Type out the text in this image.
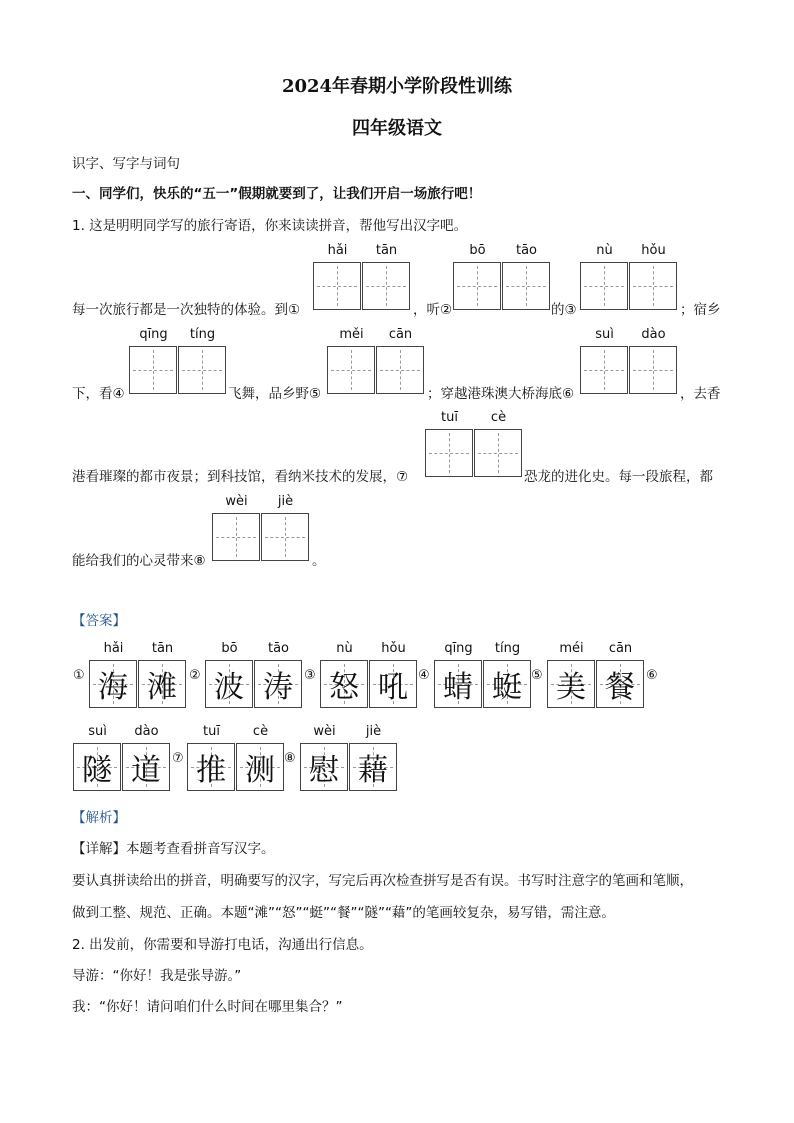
2024年春期小学阶段性训练
四年级语文
识字、写字与词句
一、同学们，快乐的“五一”假期就要到了，让我们开启一场旅行吧！
1. 这是明明同学写的旅行寄语，你来读读拼音，帮他写出汉字吧。
每一次旅行都是一次独特的体验。到①
hǎi	tān
，听②
bō	tāo
的③
nù	hǒu
；宿乡
下，看④
qīng	tíng
飞舞，品乡野⑤
měi	cān
；穿越港珠澳大桥海底⑥
suì	dào
，去香
港看璀璨的都市夜景；到科技馆，看纳米技术的发展，⑦
tuī	cè
恐龙的进化史。每一段旅程，都
能给我们的心灵带来⑧
wèi	jiè
。
【答案】
①
hǎi	tān
海 滩 ②
bō	tāo
波 涛 ③
nù	hǒu
怒 吼 ④
qīng	tíng
蜻 蜓 ⑤
méi	cān
美 餐 ⑥
suì	dào
隧 道 ⑦
tuī	cè
推 测 ⑧
wèi	jiè
慰 藉
【解析】
【详解】本题考查看拼音写汉字。
要认真拼读给出的拼音，明确要写的汉字，写完后再次检查拼写是否有误。书写时注意字的笔画和笔顺，
做到工整、规范、正确。本题“滩”“怒”“蜓”“餐”“隧”“藉”的笔画较复杂，易写错，需注意。
2. 出发前，你需要和导游打电话，沟通出行信息。
导游：“你好！我是张导游。”
我：“你好！请问咱们什么时间在哪里集合？”
